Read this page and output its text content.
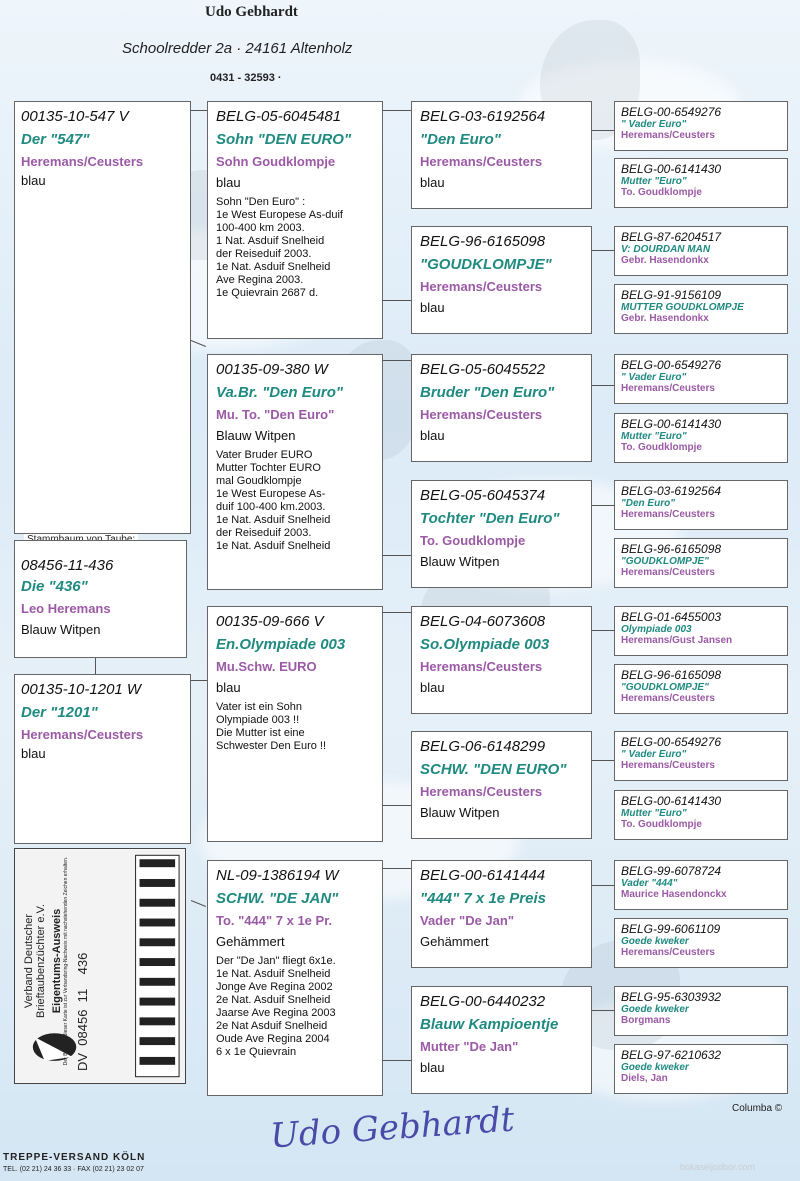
Udo Gebhardt
Schoolredder 2a · 24161 Altenholz
0431 - 32593 ·
00135-10-547 V
Der "547"
Heremans/Ceusters
blau
08456-11-436
Die "436"
Leo Heremans
Blauw Witpen
00135-10-1201 W
Der "1201"
Heremans/Ceusters
blau
Verband Deutscher Brieftaubenzüchter e.V. Eigentums-Ausweis Der Besitzer dieser Karte ist zur Verbandsring-Nachweis mit nachstehenden Zeichen erhalten. DV  08456  11    436
BELG-05-6045481
Sohn "DEN EURO"
Sohn Goudklompje
blau
Sohn "Den Euro" :
1e West Europese As-duif
100-400 km 2003.
1 Nat. Asduif Snelheid
der Reiseduif 2003.
1e Nat. Asduif Snelheid
Ave Regina 2003.
1e Quievrain 2687 d.
00135-09-380 W
Va.Br. "Den Euro"
Mu. To. "Den Euro"
Blauw Witpen
Vater Bruder EURO
Mutter Tochter EURO
mal Goudklompje
1e West Europese As-
duif 100-400 km.2003.
1e Nat. Asduif Snelheid
der Reiseduif 2003.
1e Nat. Asduif Snelheid
00135-09-666 V
En.Olympiade 003
Mu.Schw. EURO
blau
Vater ist ein Sohn
Olympiade 003 !!
Die Mutter ist eine
Schwester Den Euro !!
NL-09-1386194 W
SCHW. "DE JAN"
To. "444" 7 x 1e Pr.
Gehämmert
Der "De Jan" fliegt 6x1e.
1e Nat. Asduif Snelheid
Jonge Ave Regina 2002
2e Nat. Asduif Snelheid
Jaarse Ave Regina 2003
2e Nat Asduif Snelheid
Oude Ave Regina 2004
6 x 1e Quievrain
BELG-03-6192564
"Den Euro"
Heremans/Ceusters
blau
BELG-96-6165098
"GOUDKLOMPJE"
Heremans/Ceusters
blau
BELG-05-6045522
Bruder "Den Euro"
Heremans/Ceusters
blau
BELG-05-6045374
Tochter "Den Euro"
To. Goudklompje
Blauw Witpen
BELG-04-6073608
So.Olympiade 003
Heremans/Ceusters
blau
BELG-06-6148299
SCHW. "DEN EURO"
Heremans/Ceusters
Blauw Witpen
BELG-00-6141444
"444" 7 x 1e Preis
Vader "De Jan"
Gehämmert
BELG-00-6440232
Blauw Kampioentje
Mutter "De Jan"
blau
BELG-00-6549276
" Vader Euro"
Heremans/Ceusters
BELG-00-6141430
Mutter "Euro"
To. Goudklompje
BELG-87-6204517
V: DOURDAN MAN
Gebr. Hasendonkx
BELG-91-9156109
MUTTER GOUDKLOMPJE
Gebr. Hasendonkx
BELG-00-6549276
" Vader Euro"
Heremans/Ceusters
BELG-00-6141430
Mutter "Euro"
To. Goudklompje
BELG-03-6192564
"Den Euro"
Heremans/Ceusters
BELG-96-6165098
"GOUDKLOMPJE"
Heremans/Ceusters
BELG-01-6455003
Olympiade 003
Heremans/Gust Jansen
BELG-96-6165098
"GOUDKLOMPJE"
Heremans/Ceusters
BELG-00-6549276
" Vader Euro"
Heremans/Ceusters
BELG-00-6141430
Mutter "Euro"
To. Goudklompje
BELG-99-6078724
Vader "444"
Maurice Hasendonckx
BELG-99-6061109
Goede kweker
Heremans/Ceusters
BELG-95-6303932
Goede kweker
Borgmans
BELG-97-6210632
Goede kweker
Diels, Jan
Columba ©
Udo Gebhardt
TREPPE-VERSAND KÖLN
TEL. (02 21) 24 36 33 · FAX (02 21) 23 02 07	bokaseljodbor.com
